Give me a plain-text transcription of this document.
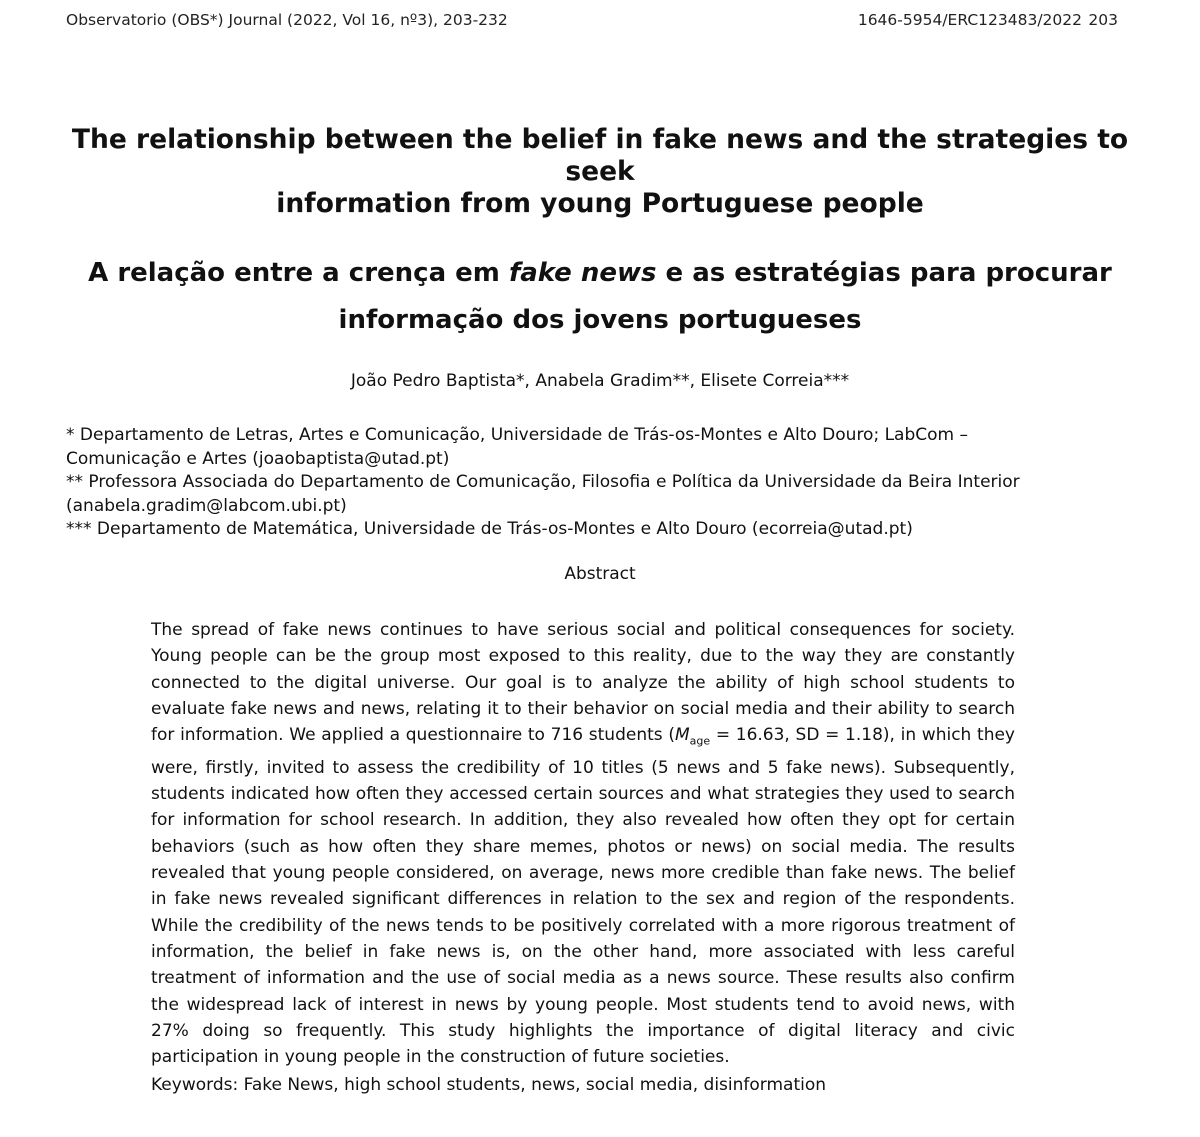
Observatorio (OBS*) Journal (2022, Vol 16, nº3), 203-232	1646-5954/ERC123483/2022 203
The relationship between the belief in fake news and the strategies to seek
information from young Portuguese people
A relação entre a crença em fake news e as estratégias para procurar
informação dos jovens portugueses
João Pedro Baptista*, Anabela Gradim**, Elisete Correia***
* Departamento de Letras, Artes e Comunicação, Universidade de Trás-os-Montes e Alto Douro; LabCom – Comunicação e Artes (joaobaptista@utad.pt)
** Professora Associada do Departamento de Comunicação, Filosofia e Política da Universidade da Beira Interior (anabela.gradim@labcom.ubi.pt)
*** Departamento de Matemática, Universidade de Trás-os-Montes e Alto Douro (ecorreia@utad.pt)
Abstract

The spread of fake news continues to have serious social and political consequences for society. Young people can be the group most exposed to this reality, due to the way they are constantly connected to the digital universe. Our goal is to analyze the ability of high school students to evaluate fake news and news, relating it to their behavior on social media and their ability to search for information. We applied a questionnaire to 716 students ($M_{age} = 16.63$, SD = 1.18), in which they were, firstly, invited to assess the credibility of 10 titles (5 news and 5 fake news). Subsequently, students indicated how often they accessed certain sources and what strategies they used to search for information for school research. In addition, they also revealed how often they opt for certain behaviors (such as how often they share memes, photos or news) on social media. The results revealed that young people considered, on average, news more credible than fake news. The belief in fake news revealed significant differences in relation to the sex and region of the respondents. While the credibility of the news tends to be positively correlated with a more rigorous treatment of information, the belief in fake news is, on the other hand, more associated with less careful treatment of information and the use of social media as a news source. These results also confirm the widespread lack of interest in news by young people. Most students tend to avoid news, with 27% doing so frequently. This study highlights the importance of digital literacy and civic participation in young people in the construction of future societies.

Keywords: Fake News, high school students, news, social media, disinformation
